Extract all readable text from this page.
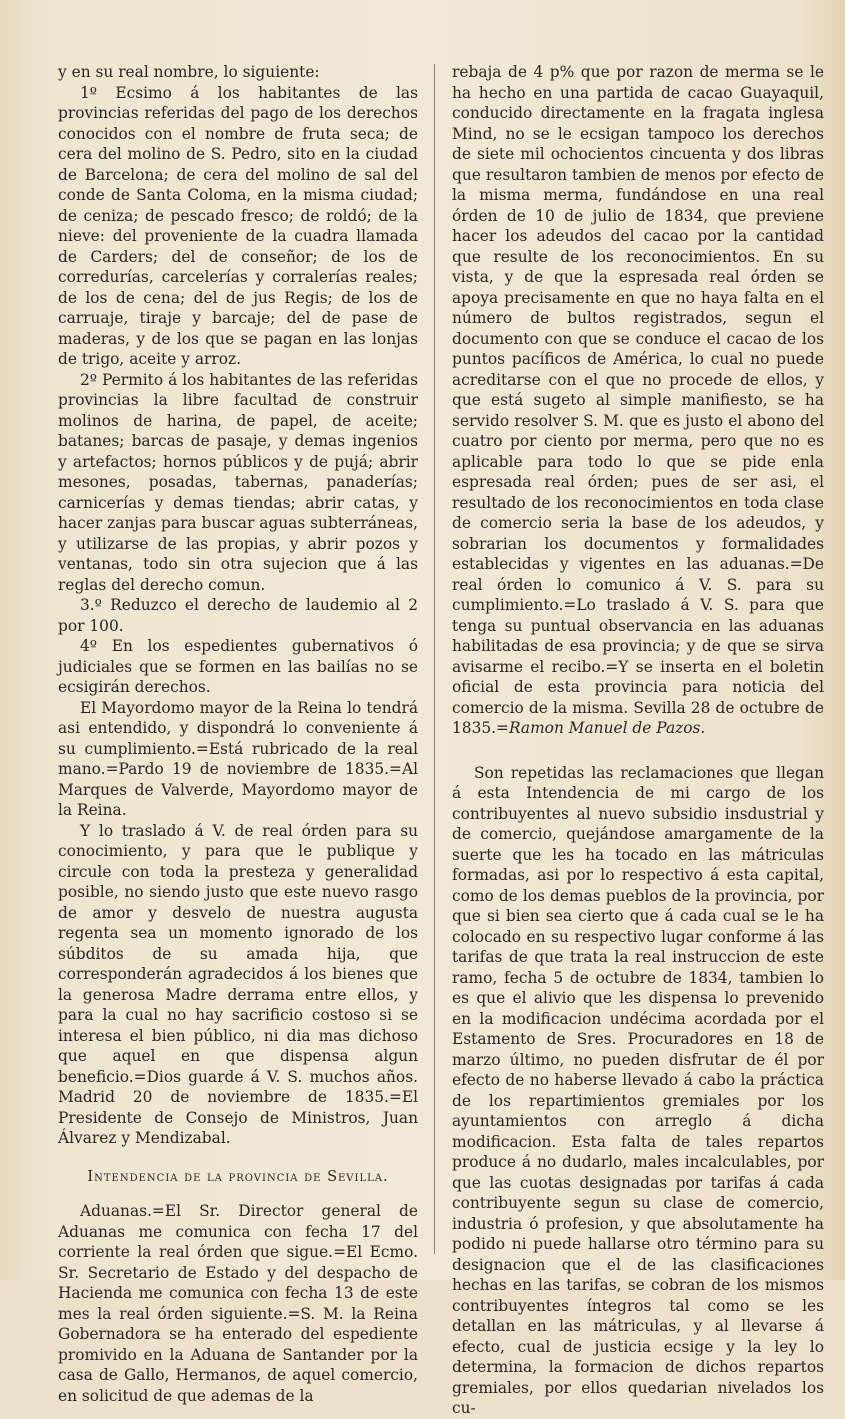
y en su real nombre, lo siguiente:

1º Ecsimo á los habitantes de las provincias referidas del pago de los derechos conocidos con el nombre de fruta seca; de cera del molino de S. Pedro, sito en la ciudad de Barcelona; de cera del molino de sal del conde de Santa Coloma, en la misma ciudad; de ceniza; de pescado fresco; de roldó; de la nieve: del proveniente de la cuadra llamada de Carders; del de conseñor; de los de corredurías, carcelerías y corralerías reales; de los de cena; del de jus Regis; de los de carruaje, tiraje y barcaje; del de pase de maderas, y de los que se pagan en las lonjas de trigo, aceite y arroz.

2º Permito á los habitantes de las referidas provincias la libre facultad de construir molinos de harina, de papel, de aceite; batanes; barcas de pasaje, y demas ingenios y artefactos; hornos públicos y de pujá; abrir mesones, posadas, tabernas, panaderías; carnicerías y demas tiendas; abrir catas, y hacer zanjas para buscar aguas subterráneas, y utilizarse de las propias, y abrir pozos y ventanas, todo sin otra sujecion que á las reglas del derecho comun.

3.º Reduzco el derecho de laudemio al 2 por 100.

4º En los espedientes gubernativos ó judiciales que se formen en las bailías no se ecsigirán derechos.

El Mayordomo mayor de la Reina lo tendrá asi entendido, y dispondrá lo conveniente á su cumplimiento.=Está rubricado de la real mano.=Pardo 19 de noviembre de 1835.=Al Marques de Valverde, Mayordomo mayor de la Reina.

Y lo traslado á V. de real órden para su conocimiento, y para que le publique y circule con toda la presteza y generalidad posible, no siendo justo que este nuevo rasgo de amor y desvelo de nuestra augusta regenta sea un momento ignorado de los súbditos de su amada hija, que corresponderán agradecidos á los bienes que la generosa Madre derrama entre ellos, y para la cual no hay sacrificio costoso si se interesa el bien público, ni dia mas dichoso que aquel en que dispensa algun beneficio.=Dios guarde á V. S. muchos años. Madrid 20 de noviembre de 1835.=El Presidente de Consejo de Ministros, Juan Álvarez y Mendizabal.

Intendencia de la provincia de Sevilla.

Aduanas.=El Sr. Director general de Aduanas me comunica con fecha 17 del corriente la real órden que sigue.=El Ecmo. Sr. Secretario de Estado y del despacho de Hacienda me comunica con fecha 13 de este mes la real órden siguiente.=S. M. la Reina Gobernadora se ha enterado del espediente promivido en la Aduana de Santander por la casa de Gallo, Hermanos, de aquel comercio, en solicitud de que ademas de la

rebaja de 4 p% que por razon de merma se le ha hecho en una partida de cacao Guayaquil, conducido directamente en la fragata inglesa Mind, no se le ecsigan tampoco los derechos de siete mil ochocientos cincuenta y dos libras que resultaron tambien de menos por efecto de la misma merma, fundándose en una real órden de 10 de julio de 1834, que previene hacer los adeudos del cacao por la cantidad que resulte de los reconocimientos. En su vista, y de que la espresada real órden se apoya precisamente en que no haya falta en el número de bultos registrados, segun el documento con que se conduce el cacao de los puntos pacíficos de América, lo cual no puede acreditarse con el que no procede de ellos, y que está sugeto al simple manifiesto, se ha servido resolver S. M. que es justo el abono del cuatro por ciento por merma, pero que no es aplicable para todo lo que se pide enla espresada real órden; pues de ser asi, el resultado de los reconocimientos en toda clase de comercio seria la base de los adeudos, y sobrarian los documentos y formalidades establecidas y vigentes en las aduanas.=De real órden lo comunico á V. S. para su cumplimiento.=Lo traslado á V. S. para que tenga su puntual observancia en las aduanas habilitadas de esa provincia; y de que se sirva avisarme el recibo.=Y se inserta en el boletin oficial de esta provincia para noticia del comercio de la misma. Sevilla 28 de octubre de 1835.=Ramon Manuel de Pazos.

Son repetidas las reclamaciones que llegan á esta Intendencia de mi cargo de los contribuyentes al nuevo subsidio insdustrial y de comercio, quejándose amargamente de la suerte que les ha tocado en las mátriculas formadas, asi por lo respectivo á esta capital, como de los demas pueblos de la provincia, por que si bien sea cierto que á cada cual se le ha colocado en su respectivo lugar conforme á las tarifas de que trata la real instruccion de este ramo, fecha 5 de octubre de 1834, tambien lo es que el alivio que les dispensa lo prevenido en la modificacion undécima acordada por el Estamento de Sres. Procuradores en 18 de marzo último, no pueden disfrutar de él por efecto de no haberse llevado á cabo la práctica de los repartimientos gremiales por los ayuntamientos con arreglo á dicha modificacion. Esta falta de tales repartos produce á no dudarlo, males incalculables, por que las cuotas designadas por tarifas á cada contribuyente segun su clase de comercio, industria ó profesion, y que absolutamente ha podido ni puede hallarse otro término para su designacion que el de las clasificaciones hechas en las tarifas, se cobran de los mismos contribuyentes íntegros tal como se les detallan en las mátriculas, y al llevarse á efecto, cual de justicia ecsige y la ley lo determina, la formacion de dichos repartos gremiales, por ellos quedarian nivelados los cu-
